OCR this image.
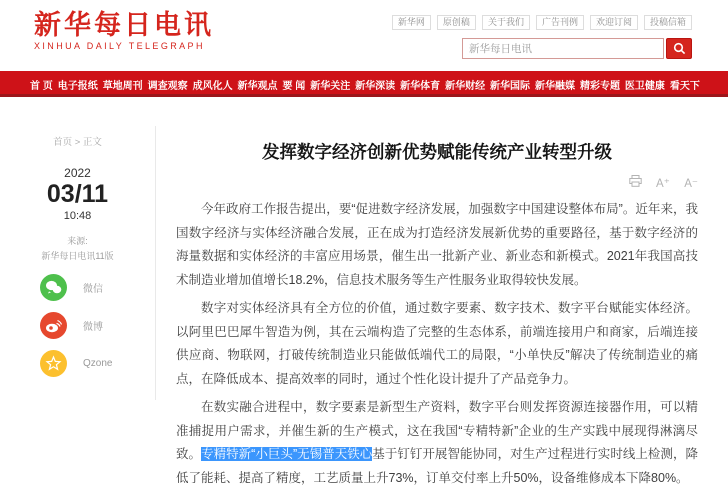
新华每日电讯
XINHUA DAILY TELEGRAPH
新华网	原创稿	关于我们	广告刊例	欢迎订阅	投稿信箱
新华每日电讯
首 页 电子报纸 草地周刊 调查观察 成风化人 新华观点 要 闻 新华关注 新华深读 新华体育 新华财经 新华国际 新华融媒 精彩专题 医卫健康 看天下
首页 > 正文
2022
03/11
10:48
来源:
新华每日电讯11版
微信
微博
Qzone
发挥数字经济创新优势赋能传统产业转型升级
A⁺ A⁻

今年政府工作报告提出，要“促进数字经济发展，加强数字中国建设整体布局”。近年来，我国数字经济与实体经济融合发展，正在成为打造经济发展新优势的重要路径，基于数字经济的海量数据和实体经济的丰富应用场景，催生出一批新产业、新业态和新模式。2021年我国高技术制造业增加值增长18.2%，信息技术服务等生产性服务业取得较快发展。

数字对实体经济具有全方位的价值，通过数字要素、数字技术、数字平台赋能实体经济。以阿里巴巴犀牛智造为例，其在云端构造了完整的生态体系，前端连接用户和商家，后端连接供应商、物联网，打破传统制造业只能做低端代工的局限，“小单快反”解决了传统制造业的痛点，在降低成本、提高效率的同时，通过个性化设计提升了产品竞争力。

在数实融合进程中，数字要素是新型生产资料，数字平台则发挥资源连接器作用，可以精准捕捉用户需求，并催生新的生产模式，这在我国“专精特新”企业的生产实践中展现得淋漓尽致。专精特新“小巨头”无锡普天铁心基于钉钉开展智能协同，对生产过程进行实时线上检测，降低了能耗、提高了精度，工艺质量上升73%，订单交付率上升50%，设备维修成本下降80%。
